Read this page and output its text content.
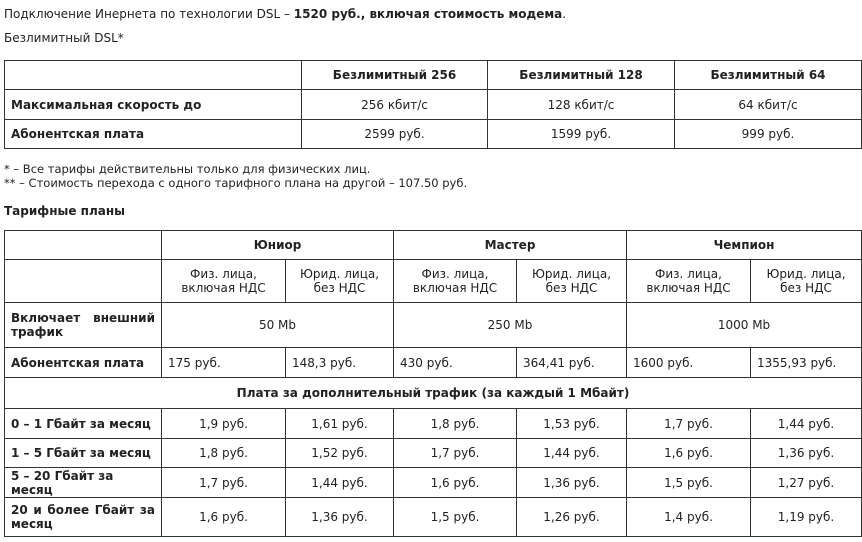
Подключение Инернета по технологии DSL – 1520 руб., включая стоимость модема.
Безлимитный DSL*
	Безлимитный 256	Безлимитный 128	Безлимитный 64
Максимальная скорость до	256 кбит/с	128 кбит/с	64 кбит/с
Абонентская плата	2599 руб.	1599 руб.	999 руб.
* – Все тарифы действительны только для физических лиц.
** – Стоимость перехода с одного тарифного плана на другой – 107.50 руб.
Тарифные планы
	Юниор		Мастер		Чемпион	
	Физ. лица, включая НДС	Юрид. лица, без НДС	Физ. лица, включая НДС	Юрид. лица, без НДС	Физ. лица, включая НДС	Юрид. лица, без НДС
Включает внешний трафик	50 Mb		250 Mb		1000 Mb	
Абонентская плата	175 руб.	148,3 руб.	430 руб.	364,41 руб.	1600 руб.	1355,93 руб.
Плата за дополнительный трафик (за каждый 1 Мбайт)						
0 – 1 Гбайт за месяц	1,9 руб.	1,61 руб.	1,8 руб.	1,53 руб.	1,7 руб.	1,44 руб.
1 – 5 Гбайт за месяц	1,8 руб.	1,52 руб.	1,7 руб.	1,44 руб.	1,6 руб.	1,36 руб.
5 – 20 Гбайт за месяц	1,7 руб.	1,44 руб.	1,6 руб.	1,36 руб.	1,5 руб.	1,27 руб.
20 и более Гбайт за месяц	1,6 руб.	1,36 руб.	1,5 руб.	1,26 руб.	1,4 руб.	1,19 руб.
